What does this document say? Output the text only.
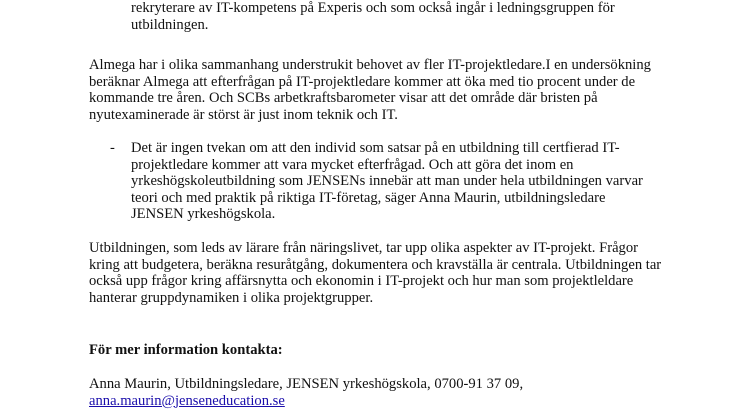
rekryterare av IT-kompetens på Experis och som också ingår i ledningsgruppen för
utbildningen.
Almega har i olika sammanhang understrukit behovet av fler IT-projektledare.I en undersökning
beräknar Almega att efterfrågan på IT-projektledare kommer att öka med tio procent under de
kommande tre åren. Och SCBs arbetkraftsbarometer visar att det område där bristen på
nyutexaminerade är störst är just inom teknik och IT.
- Det är ingen tvekan om att den individ som satsar på en utbildning till certfierad IT-
projektledare kommer att vara mycket efterfrågad. Och att göra det inom en
yrkeshögskoleutbildning som JENSENs innebär att man under hela utbildningen varvar
teori och med praktik på riktiga IT-företag, säger Anna Maurin, utbildningsledare
JENSEN yrkeshögskola.
Utbildningen, som leds av lärare från näringslivet, tar upp olika aspekter av IT-projekt. Frågor
kring att budgetera, beräkna resuråtgång, dokumentera och kravställa är centrala. Utbildningen tar
också upp frågor kring affärsnytta och ekonomin i IT-projekt och hur man som projektleldare
hanterar gruppdynamiken i olika projektgrupper.
För mer information kontakta:
Anna Maurin, Utbildningsledare, JENSEN yrkeshögskola, 0700-91 37 09,
anna.maurin@jenseneducation.se
